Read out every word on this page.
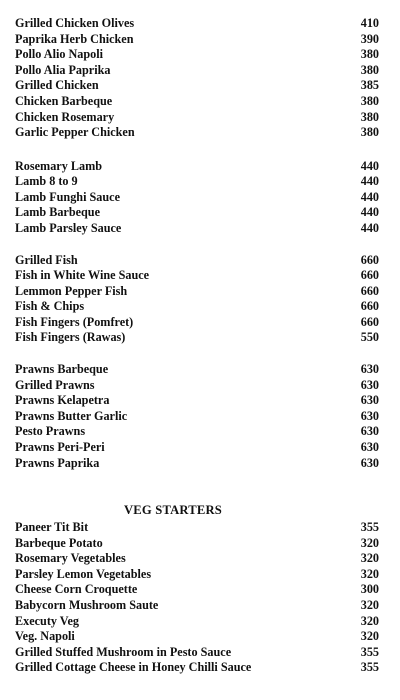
Grilled Chicken Olives	410
Paprika Herb Chicken	390
Pollo Alio Napoli	380
Pollo Alia Paprika	380
Grilled Chicken	385
Chicken Barbeque	380
Chicken Rosemary	380
Garlic Pepper Chicken	380
Rosemary Lamb	440
Lamb 8 to 9	440
Lamb Funghi Sauce	440
Lamb Barbeque	440
Lamb Parsley Sauce	440
Grilled Fish	660
Fish in White Wine Sauce	660
Lemmon Pepper Fish	660
Fish & Chips	660
Fish Fingers (Pomfret)	660
Fish Fingers (Rawas)	550
Prawns Barbeque	630
Grilled Prawns	630
Prawns Kelapetra	630
Prawns Butter Garlic	630
Pesto Prawns	630
Prawns Peri-Peri	630
Prawns Paprika	630
VEG STARTERS
Paneer Tit Bit	355
Barbeque Potato	320
Rosemary Vegetables	320
Parsley Lemon Vegetables	320
Cheese Corn Croquette	300
Babycorn Mushroom Saute	320
Executy Veg	320
Veg. Napoli	320
Grilled Stuffed Mushroom in Pesto Sauce	355
Grilled Cottage Cheese in Honey Chilli Sauce	355
